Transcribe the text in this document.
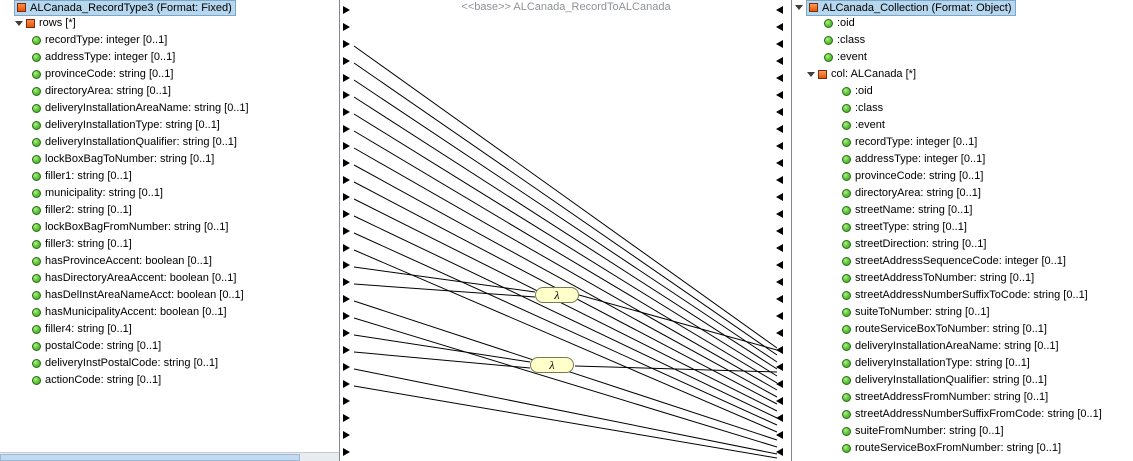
ALCanada_RecordType3 (Format: Fixed)
rows [*]
recordType: integer [0..1]
addressType: integer [0..1]
provinceCode: string [0..1]
directoryArea: string [0..1]
deliveryInstallationAreaName: string [0..1]
deliveryInstallationType: string [0..1]
deliveryInstallationQualifier: string [0..1]
lockBoxBagToNumber: string [0..1]
filler1: string [0..1]
municipality: string [0..1]
filler2: string [0..1]
lockBoxBagFromNumber: string [0..1]
filler3: string [0..1]
hasProvinceAccent: boolean [0..1]
hasDirectoryAreaAccent: boolean [0..1]
hasDelInstAreaNameAcct: boolean [0..1]
hasMunicipalityAccent: boolean [0..1]
filler4: string [0..1]
postalCode: string [0..1]
deliveryInstPostalCode: string [0..1]
actionCode: string [0..1]
<<base>> ALCanada_RecordToALCanada
λ
λ
ALCanada_Collection (Format: Object)
:oid
:class
:event
col: ALCanada [*]
:oid
:class
:event
recordType: integer [0..1]
addressType: integer [0..1]
provinceCode: string [0..1]
directoryArea: string [0..1]
streetName: string [0..1]
streetType: string [0..1]
streetDirection: string [0..1]
streetAddressSequenceCode: integer [0..1]
streetAddressToNumber: string [0..1]
streetAddressNumberSuffixToCode: string [0..1]
suiteToNumber: string [0..1]
routeServiceBoxToNumber: string [0..1]
deliveryInstallationAreaName: string [0..1]
deliveryInstallationType: string [0..1]
deliveryInstallationQualifier: string [0..1]
streetAddressFromNumber: string [0..1]
streetAddressNumberSuffixFromCode: string [0..1]
suiteFromNumber: string [0..1]
routeServiceBoxFromNumber: string [0..1]
